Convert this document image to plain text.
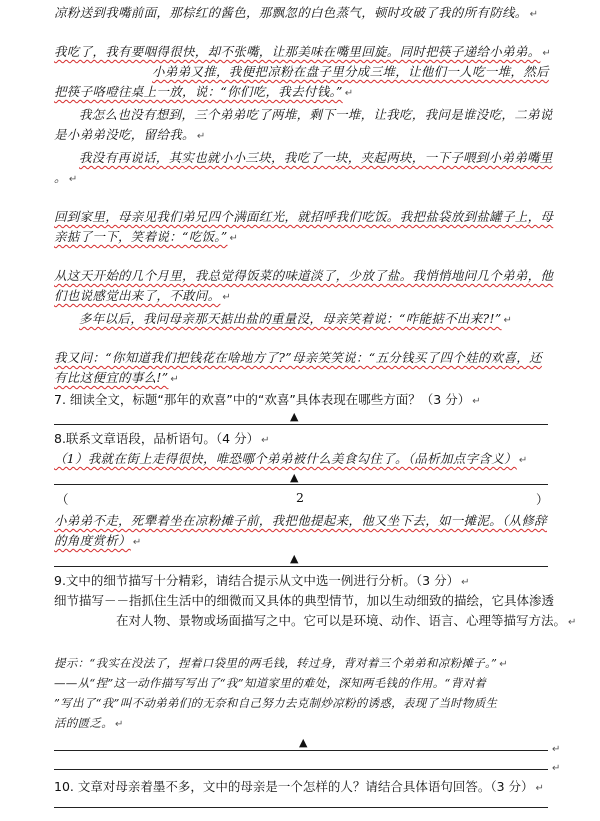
凉粉送到我嘴前面，那棕红的酱色，那飘忽的白色蒸气，顿时攻破了我的所有防线。 ↵
我吃了，我有要咽得很快，却不张嘴，让那美味在嘴里回旋。同时把筷子递给小弟弟。 ↵
小弟弟又推，我便把凉粉在盘子里分成三堆，让他们一人吃一堆，然后
把筷子咯噔往桌上一放，说：“你们吃，我去付钱。” ↵
我怎么也没有想到，三个弟弟吃了两堆，剩下一堆，让我吃，我问是谁没吃，二弟说
是小弟弟没吃，留给我。 ↵
我没有再说话，其实也就小小三块，我吃了一块，夹起两块，一下子喂到小弟弟嘴里
。 ↵
回到家里，母亲见我们弟兄四个满面红光，就招呼我们吃饭。我把盐袋放到盐罐子上，母
亲掂了一下，笑着说：“吃饭。” ↵
从这天开始的几个月里，我总觉得饭菜的味道淡了，少放了盐。我悄悄地问几个弟弟，他
们也说感觉出来了，不敢问。 ↵
多年以后，我问母亲那天掂出盐的重量没，母亲笑着说：“咋能掂不出来?!” ↵
我又问：“你知道我们把钱花在啥地方了?”母亲笑笑说：“五分钱买了四个娃的欢喜，还
有比这便宜的事么!” ↵
7. 细读全文，标题“那年的欢喜”中的“欢喜”具体表现在哪些方面？（3 分） ↵
▲
8.联系文章语段，品析语句。（4 分） ↵
（1）我就在街上走得很快，唯恐哪个弟弟被什么美食勾住了。（品析加点字含义） ↵
▲
（	2	）
小弟弟不走，死犟着坐在凉粉摊子前，我把他提起来，他又坐下去，如一摊泥。（从修辞
的角度赏析） ↵
▲
9.文中的细节描写十分精彩，请结合提示从文中选一例进行分析。（3 分） ↵
细节描写－－指抓住生活中的细微而又具体的典型情节，加以生动细致的描绘，它具体渗透
在对人物、景物或场面描写之中。它可以是环境、动作、语言、心理等描写方法。 ↵
提示：“我实在没法了，捏着口袋里的两毛钱，转过身，背对着三个弟弟和凉粉摊子。” ↵
——从“捏”这一动作描写写出了“我”知道家里的难处，深知两毛钱的作用。“背对着
”写出了“我”叫不动弟弟们的无奈和自己努力去克制炒凉粉的诱惑，表现了当时物质生
活的匮乏。 ↵
▲
↵
↵
10. 文章对母亲着墨不多，文中的母亲是一个怎样的人？请结合具体语句回答。（3 分） ↵
